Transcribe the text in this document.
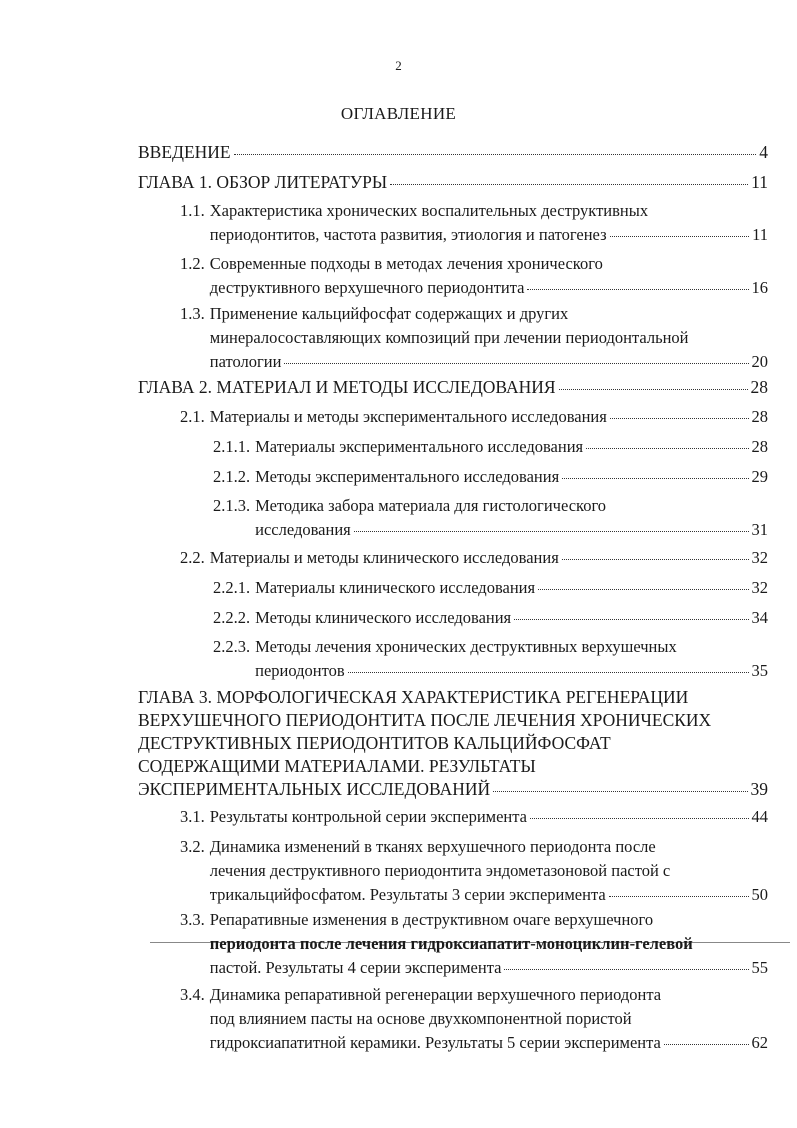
2
ОГЛАВЛЕНИЕ
ВВЕДЕНИЕ	4
ГЛАВА 1. ОБЗОР ЛИТЕРАТУРЫ	11
1.1. Характеристика хронических воспалительных деструктивных
периодонтитов, частота развития, этиология и патогенез	11
1.2. Современные подходы в методах лечения хронического
деструктивного верхушечного периодонтита	16
1.3. Применение кальцийфосфат содержащих и других
минералосоставляющих композиций при лечении периодонтальной
патологии	20
ГЛАВА 2. МАТЕРИАЛ И МЕТОДЫ ИССЛЕДОВАНИЯ	28
2.1. Материалы и методы экспериментального исследования	28
2.1.1. Материалы экспериментального исследования	28
2.1.2. Методы экспериментального исследования	29
2.1.3. Методика забора материала для гистологического
исследования	31
2.2. Материалы и методы клинического исследования	32
2.2.1. Материалы клинического исследования	32
2.2.2. Методы клинического исследования	34
2.2.3. Методы лечения хронических деструктивных верхушечных
периодонтов	35
ГЛАВА 3. МОРФОЛОГИЧЕСКАЯ ХАРАКТЕРИСТИКА РЕГЕНЕРАЦИИ
ВЕРХУШЕЧНОГО ПЕРИОДОНТИТА ПОСЛЕ ЛЕЧЕНИЯ ХРОНИЧЕСКИХ
ДЕСТРУКТИВНЫХ ПЕРИОДОНТИТОВ КАЛЬЦИЙФОСФАТ
СОДЕРЖАЩИМИ МАТЕРИАЛАМИ. РЕЗУЛЬТАТЫ
ЭКСПЕРИМЕНТАЛЬНЫХ ИССЛЕДОВАНИЙ	39
3.1. Результаты контрольной серии эксперимента	44
3.2. Динамика изменений в тканях верхушечного периодонта после
лечения деструктивного периодонтита эндометазоновой пастой с
трикальцийфосфатом. Результаты 3 серии эксперимента	50
3.3. Репаративные изменения в деструктивном очаге верхушечного
периодонта после лечения гидроксиапатит-моноциклин-гелевой
пастой. Результаты 4 серии эксперимента	55
3.4. Динамика репаративной регенерации верхушечного периодонта
под влиянием пасты на основе двухкомпонентной пористой
гидроксиапатитной керамики. Результаты 5 серии эксперимента	62
